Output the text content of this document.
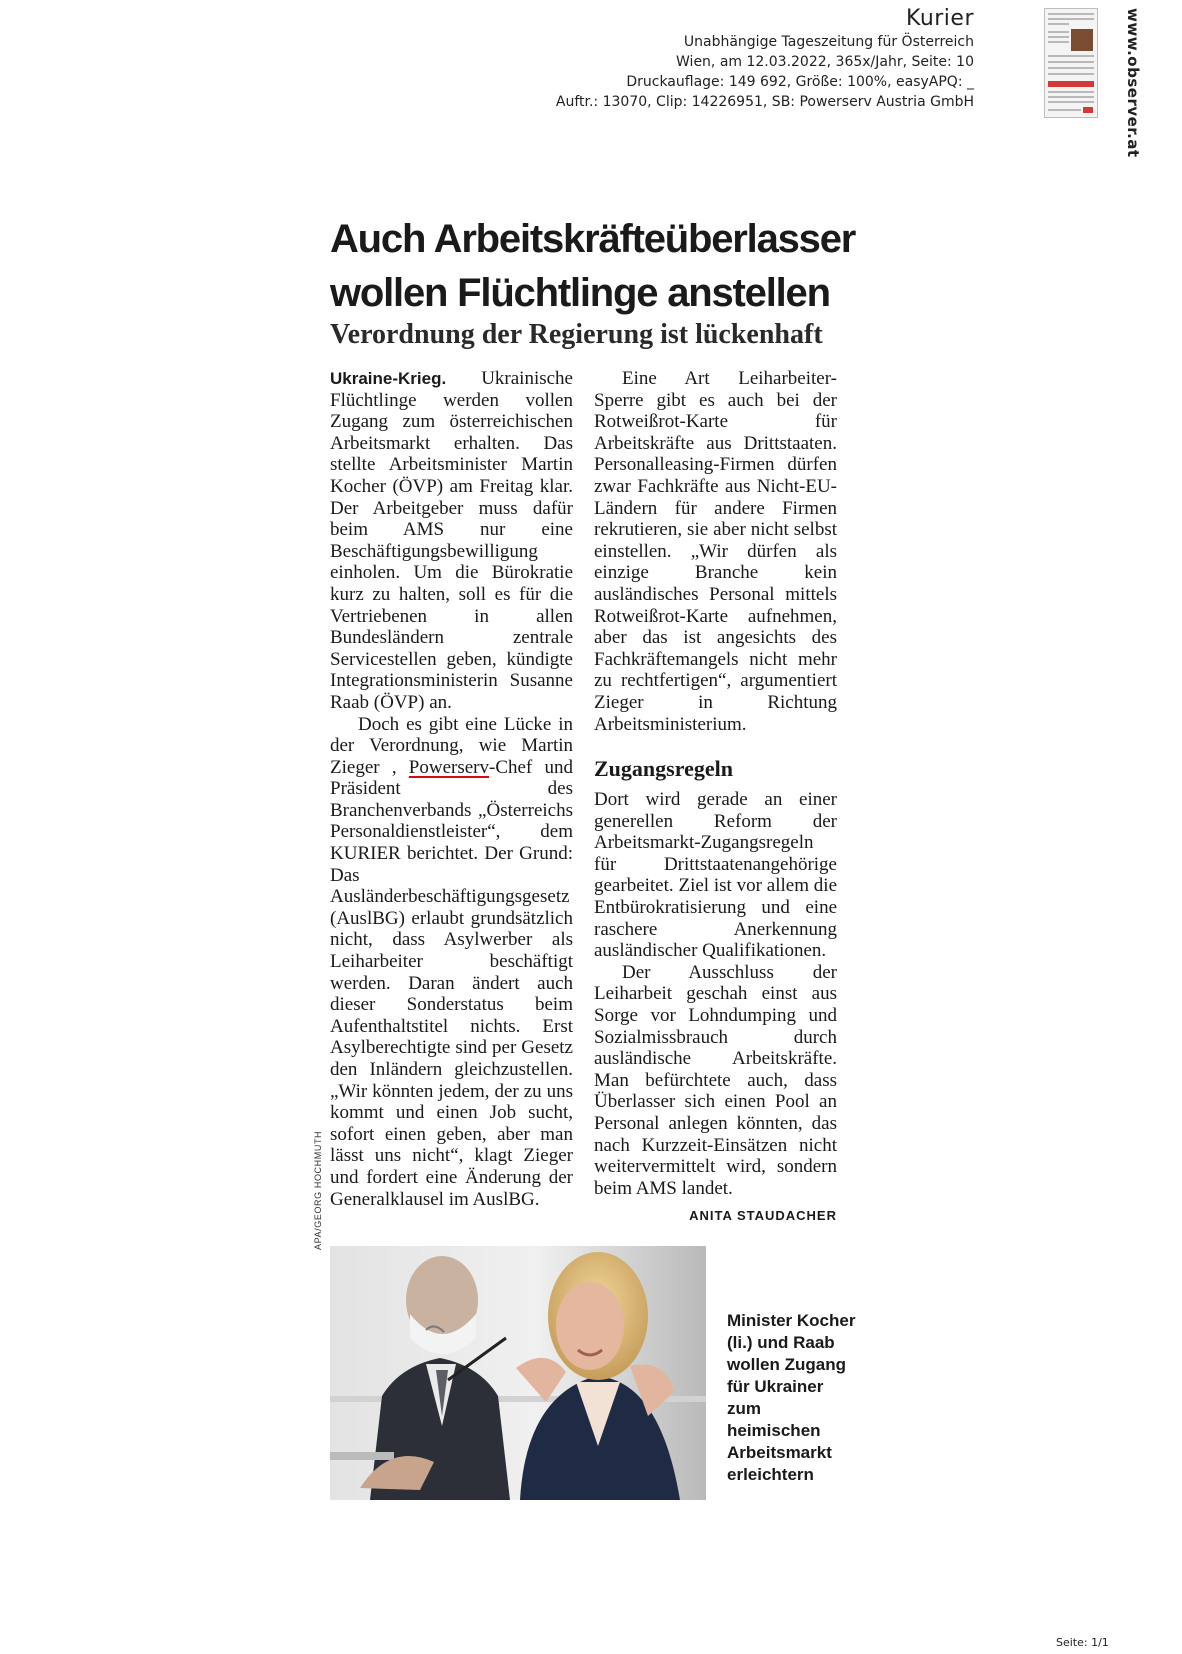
Kurier
Unabhängige Tageszeitung für Österreich
Wien, am 12.03.2022, 365x/Jahr, Seite: 10
Druckauflage: 149 692, Größe: 100%, easyAPQ: _
Auftr.: 13070, Clip: 14226951, SB: Powerserv Austria GmbH	www.observer.at
Auch Arbeitskräfteüberlasser
wollen Flüchtlinge anstellen
Verordnung der Regierung ist lückenhaft

Ukraine-Krieg. Ukrainische Flüchtlinge werden vollen Zugang zum österreichischen Arbeitsmarkt erhalten. Das stellte Arbeitsminister Martin Kocher (ÖVP) am Freitag klar. Der Arbeitgeber muss dafür beim AMS nur eine Beschäftigungsbewilligung einholen. Um die Bürokratie kurz zu halten, soll es für die Vertriebenen in allen Bundesländern zentrale Servicestellen geben, kündigte Integrationsministerin Susanne Raab (ÖVP) an.

Doch es gibt eine Lücke in der Verordnung, wie Martin Zieger , Powerserv-Chef und Präsident des Branchenverbands „Österreichs Personaldienstleister“, dem KURIER berichtet. Der Grund: Das Ausländerbeschäftigungsgesetz (AuslBG) erlaubt grundsätzlich nicht, dass Asylwerber als Leiharbeiter beschäftigt werden. Daran ändert auch dieser Sonderstatus beim Aufenthaltstitel nichts. Erst Asylberechtigte sind per Gesetz den Inländern gleichzustellen. „Wir könnten jedem, der zu uns kommt und einen Job sucht, sofort einen geben, aber man lässt uns nicht“, klagt Zieger und fordert eine Änderung der Generalklausel im AuslBG.

Eine Art Leiharbeiter-Sperre gibt es auch bei der Rotweißrot-Karte für Arbeitskräfte aus Drittstaaten. Personalleasing-Firmen dürfen zwar Fachkräfte aus Nicht-EU-Ländern für andere Firmen rekrutieren, sie aber nicht selbst einstellen. „Wir dürfen als einzige Branche kein ausländisches Personal mittels Rotweißrot-Karte aufnehmen, aber das ist angesichts des Fachkräftemangels nicht mehr zu rechtfertigen“, argumentiert Zieger in Richtung Arbeitsministerium.

Zugangsregeln

Dort wird gerade an einer generellen Reform der Arbeitsmarkt-Zugangsregeln für Drittstaatenangehörige gearbeitet. Ziel ist vor allem die Entbürokratisierung und eine raschere Anerkennung ausländischer Qualifikationen.

Der Ausschluss der Leiharbeit geschah einst aus Sorge vor Lohndumping und Sozialmissbrauch durch ausländische Arbeitskräfte. Man befürchtete auch, dass Überlasser sich einen Pool an Personal anlegen könnten, das nach Kurzzeit-Einsätzen nicht weitervermittelt wird, sondern beim AMS landet.

ANITA STAUDACHER

APA/GEORG HOCHMUTH

Minister Kocher (li.) und Raab wollen Zugang für Ukrainer zum heimischen Arbeitsmarkt erleichtern

Seite: 1/1
